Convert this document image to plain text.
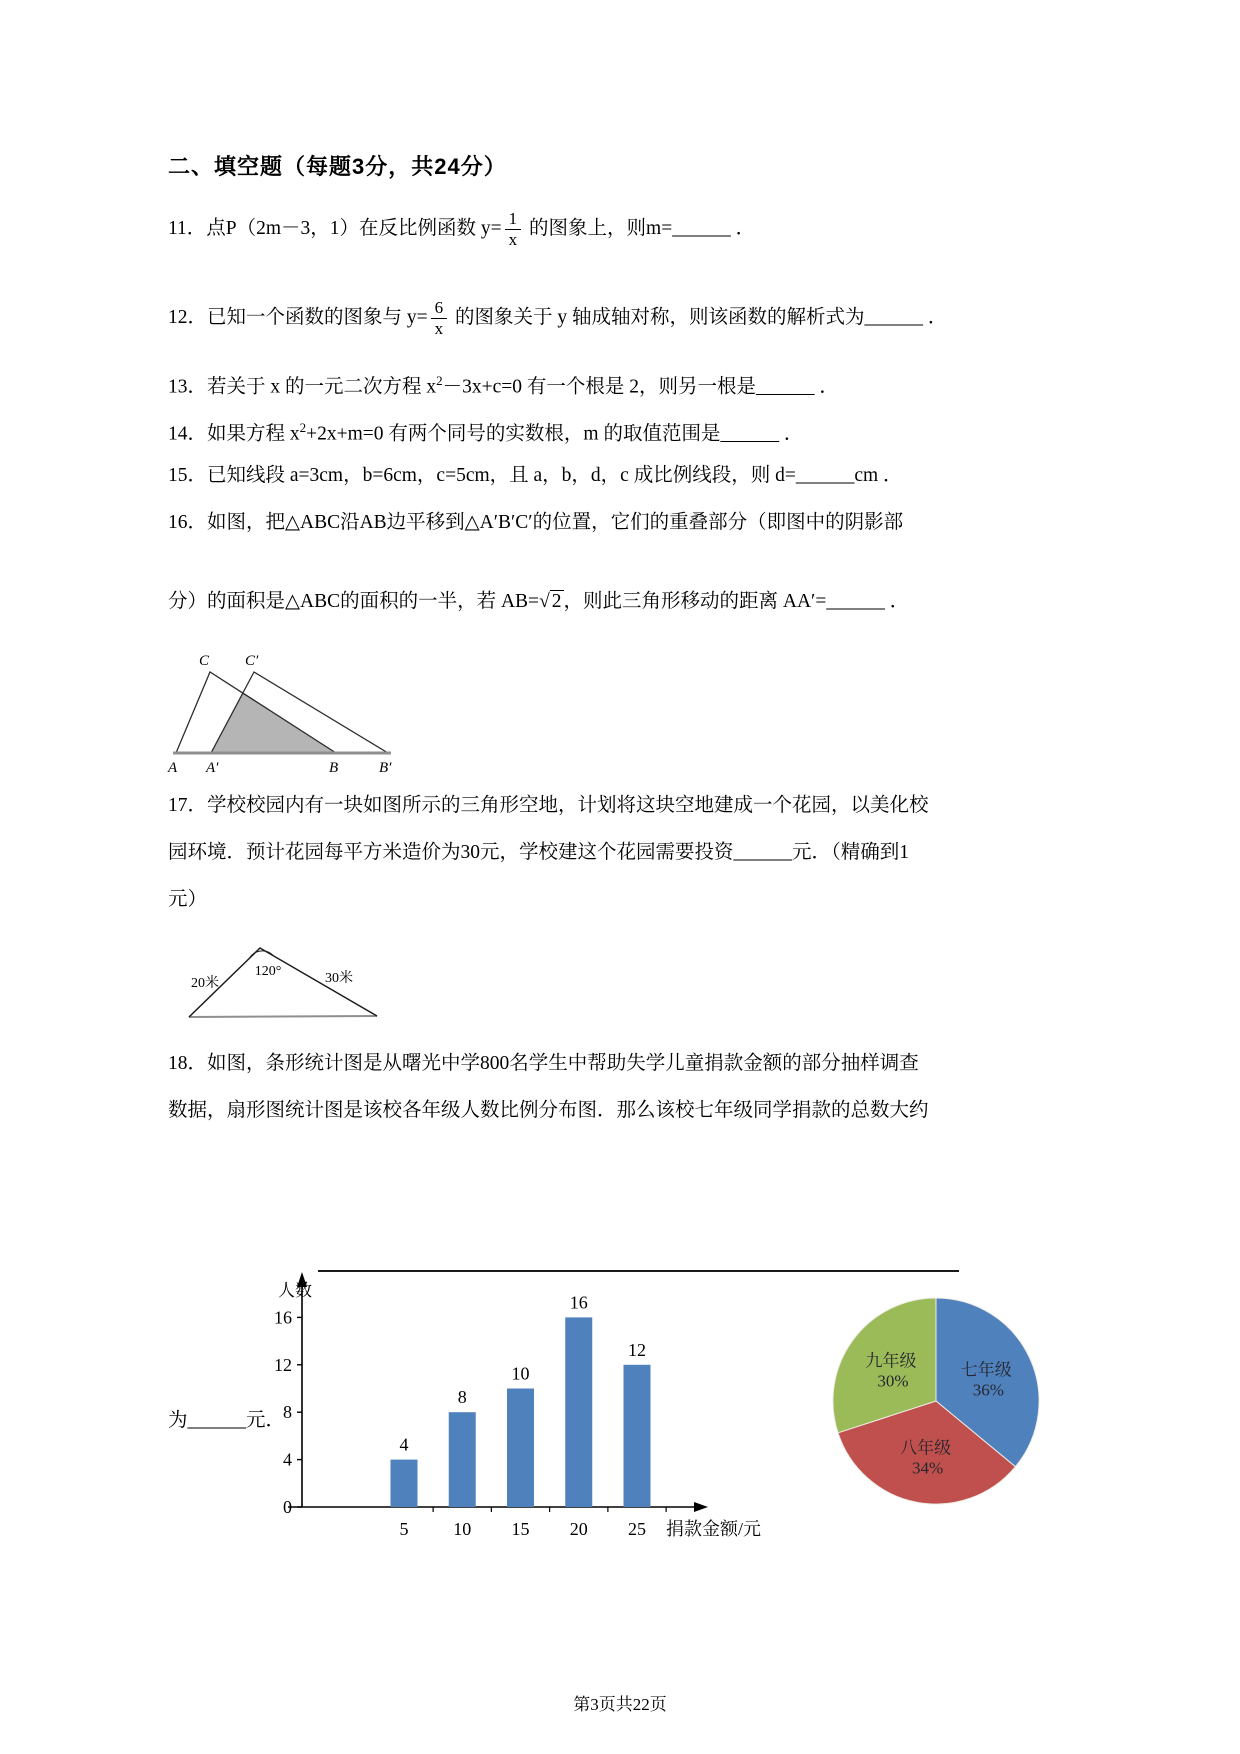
二、填空题（每题3分，共24分）

11．点P（2m－3，1）在反比例函数 $y= \frac{1}{x}$ 的图象上，则m=______ ．

12．已知一个函数的图象与 $y= \frac{6}{x}$ 的图象关于 y 轴成轴对称，则该函数的解析式为______ ．

13．若关于 x 的一元二次方程 $x^2-3x+c=0$ 有一个根是 2，则另一根是______ ．

14．如果方程 $x^2+2x+m=0$ 有两个同号的实数根，m 的取值范围是______ ．

15．已知线段 a=3cm，b=6cm，c=5cm，且 a，b，d，c 成比例线段，则 d=______cm ．

16．如图，把△ABC沿AB边平移到△A′B′C′的位置，它们的重叠部分（即图中的阴影部
分）的面积是△ABC的面积的一半，若 AB=√ 2 ，则此三角形移动的距离 AA′=______ ．

17．学校校园内有一块如图所示的三角形空地，计划将这块空地建成一个花园，以美化校
园环境．预计花园每平方米造价为30元，学校建这个花园需要投资______元．（精确到1
元）

18．如图，条形统计图是从曙光中学800名学生中帮助失学儿童捐款金额的部分抽样调查
数据，扇形图统计图是该校各年级人数比例分布图．那么该校七年级同学捐款的总数大约

为______元．

C C′
A A′	B	B′
120°
20米	30米
0
4
8
12
16
4
5
8
10
10
15
16
20
12
25
人数
捐款金额/元
七年级
36%
八年级
34%
九年级
30%
第3页共22页
